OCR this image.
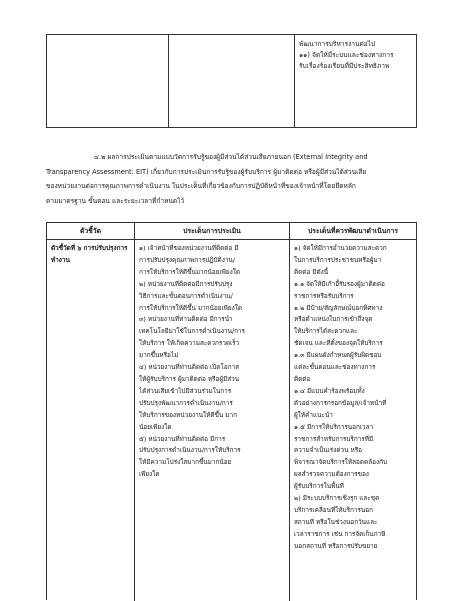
พัฒนาการบริหารงานต่อไป
๑๑) จัดให้มีระบบและช่องทางการ
รับเรื่องร้องเรียนที่มีประสิทธิภาพ
๔.๒ ผลการประเมินตามแบบวัดการรับรู้ของผู้มีส่วนได้ส่วนเสียภายนอก (External Integrity and
Transparency Assessment: EIT) เกี่ยวกับการประเมินการรับรู้ของผู้รับบริการ ผู้มาติดต่อ หรือผู้มีส่วนได้ส่วนเสีย
ของหน่วยงานต่อการคุณภาพการดำเนินงาน ในประเด็นที่เกี่ยวข้องกับการปฏิบัติหน้าที่ของเจ้าหน้าที่โดยยึดหลัก
ตามมาตรฐาน ขั้นตอน และระยะเวลาที่กำหนดไว้
ตัวชี้วัด	ประเด็นการประเมิน	ประเด็นที่ควรพัฒนาดำเนินการ
ตัวชี้วัดที่ ๖ การปรับปรุงการ
ทำงาน
๑) เจ้าหน้าที่ของหน่วยงานที่ติดต่อ มี
การปรับปรุงคุณภาพการปฏิบัติงาน/
การให้บริการให้ดีขึ้นมากน้อยเพียงใด
๒) หน่วยงานที่ติดต่อมีการปรับปรุง
วิธีการและขั้นตอนการดำเนินงาน/
การให้บริการให้ดีขึ้น มากน้อยเพียงใด
๓) หน่วยงานที่ท่านติดต่อ มีการนำ
เทคโนโลยีมาใช้ในการดำเนินงาน/การ
ให้บริการ ให้เกิดความสะดวกรวดเร็ว
มากขึ้นหรือไม่
๔) หน่วยงานที่ท่านติดต่อ เปิดโอกาส
ให้ผู้รับบริการ ผู้มาติดต่อ หรือผู้มีส่วน
ได้ส่วนเสียเข้าไปมีส่วนร่วมในการ
ปรับปรุงพัฒนาการดำเนินงาน/การ
ให้บริการของหน่วยงานให้ดีขึ้น มาก
น้อยเพียงใด
๕) หน่วยงานที่ท่านติดต่อ มีการ
ปรับปรุงการดำเนินงาน/การให้บริการ
ให้มีความโปร่งใสมากขึ้นมากน้อย
เพียงใด
๑) จัดให้มีการอำนวยความสะดวก
ในการบริการประชาชนหรือผู้มา
ติดต่อ มีดังนี้
๑.๑ จัดให้มีเก้าอี้รับรองผู้มาติดต่อ
ราชการหรือรับบริการ
๑.๒ มีป้าย/สัญลักษณ์บอกทิศทาง
หรือตำแหน่งในการเข้าถึงจุด
ให้บริการได้สะดวกและ
ชัดเจน และที่ตั้งของจุดให้บริการ
๑.๓ มีแผนผังกำหนดผู้รับผิดชอบ
แต่ละขั้นตอนและช่องทางการ
ติดต่อ
๑.๔ มีแบบคำร้องพร้อมทั้ง
ตัวอย่างการกรอกข้อมูล/เจ้าหน้าที่
ผู้ให้คำแนะนำ
๑.๕ มีการให้บริการนอกเวลา
ราชการสำหรับการบริการที่มี
ความจำเป็นเร่งด่วน หรือ
พิจารณาจัดบริการให้สอดคล้องกับ
ผลสำรวจความต้องการของ
ผู้รับบริการในพื้นที่
๒) มีระบบบริการเชิงรุก และชุด
บริการเคลื่อนที่ให้บริการนอก
สถานที่ หรือในช่วงนอกวันและ
เวลาราชการ เช่น การจัดเก็บภาษี
นอกสถานที่ หรือการปรับขยาย
